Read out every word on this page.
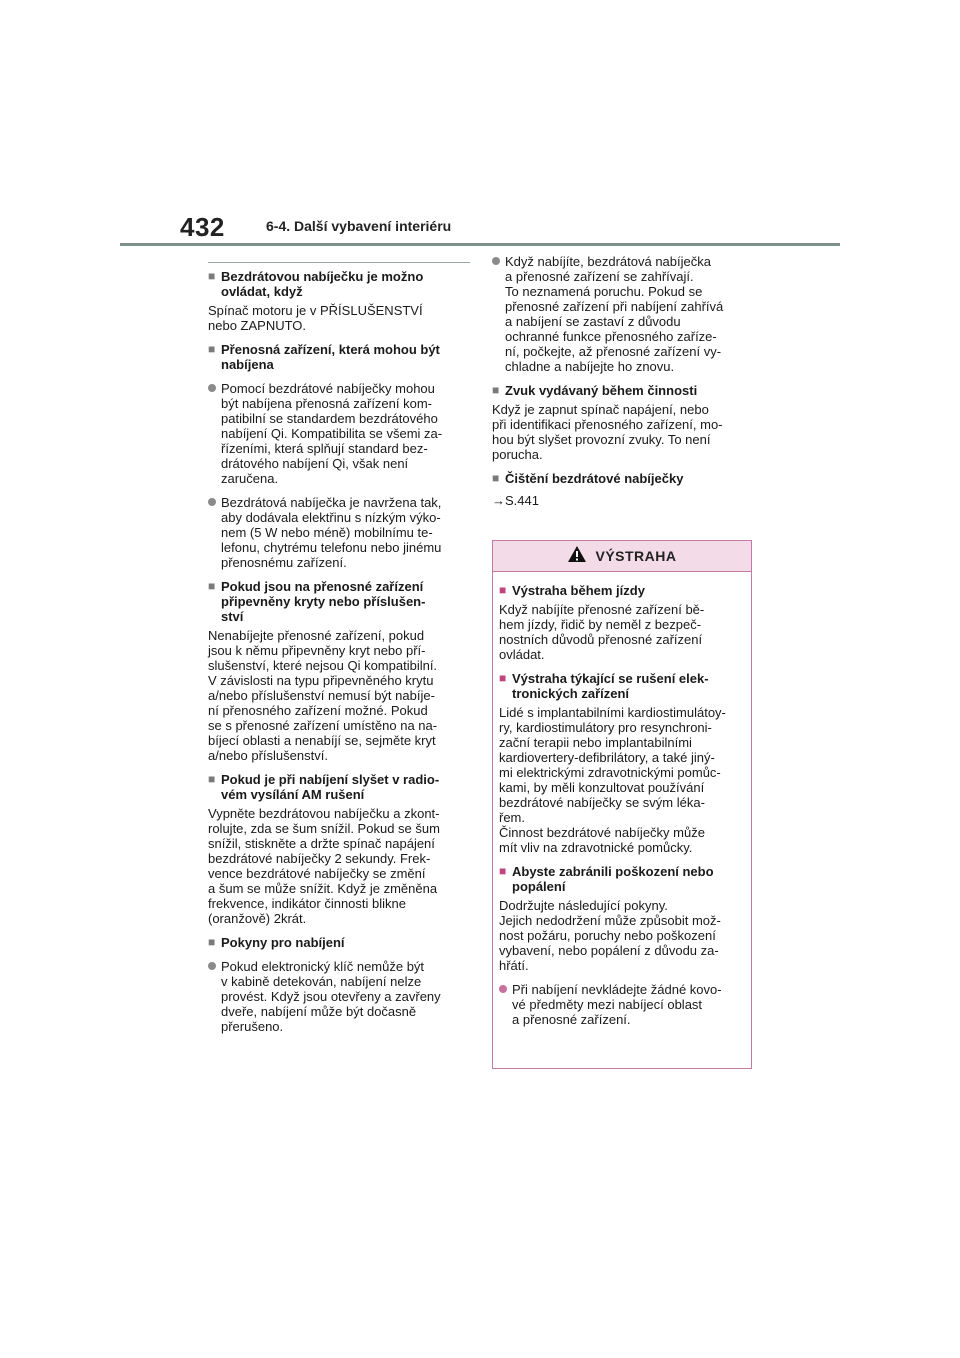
432	6-4. Další vybavení interiéru
■ Bezdrátovou nabíječku je možno
ovládat, když
Spínač motoru je v PŘÍSLUŠENSTVÍ
nebo ZAPNUTO.
■ Přenosná zařízení, která mohou být
nabíjena
Pomocí bezdrátové nabíječky mohou
být nabíjena přenosná zařízení kom-
patibilní se standardem bezdrátového
nabíjení Qi. Kompatibilita se všemi za-
řízeními, která splňují standard bez-
drátového nabíjení Qi, však není
zaručena.
Bezdrátová nabíječka je navržena tak,
aby dodávala elektřinu s nízkým výko-
nem (5 W nebo méně) mobilnímu te-
lefonu, chytrému telefonu nebo jinému
přenosnému zařízení.
■ Pokud jsou na přenosné zařízení
připevněny kryty nebo příslušen-
ství
Nenabíjejte přenosné zařízení, pokud
jsou k němu připevněny kryt nebo pří-
slušenství, které nejsou Qi kompatibilní.
V závislosti na typu připevněného krytu
a/nebo příslušenství nemusí být nabíje-
ní přenosného zařízení možné. Pokud
se s přenosné zařízení umístěno na na-
bíjecí oblasti a nenabíjí se, sejměte kryt
a/nebo příslušenství.
■ Pokud je při nabíjení slyšet v radio-
vém vysílání AM rušení
Vypněte bezdrátovou nabíječku a zkont-
rolujte, zda se šum snížil. Pokud se šum
snížil, stiskněte a držte spínač napájení
bezdrátové nabíječky 2 sekundy. Frek-
vence bezdrátové nabíječky se změní
a šum se může snížit. Když je změněna
frekvence, indikátor činnosti blikne
(oranžově) 2krát.
■ Pokyny pro nabíjení
Pokud elektronický klíč nemůže být
v kabině detekován, nabíjení nelze
provést. Když jsou otevřeny a zavřeny
dveře, nabíjení může být dočasně
přerušeno.
Když nabíjíte, bezdrátová nabíječka
a přenosné zařízení se zahřívají.
To neznamená poruchu. Pokud se
přenosné zařízení při nabíjení zahřívá
a nabíjení se zastaví z důvodu
ochranné funkce přenosného zaříze-
ní, počkejte, až přenosné zařízení vy-
chladne a nabíjejte ho znovu.
■ Zvuk vydávaný během činnosti
Když je zapnut spínač napájení, nebo
při identifikaci přenosného zařízení, mo-
hou být slyšet provozní zvuky. To není
porucha.
■ Čištění bezdrátové nabíječky
→S.441
VÝSTRAHA
■ Výstraha během jízdy
Když nabíjíte přenosné zařízení bě-
hem jízdy, řidič by neměl z bezpeč-
nostních důvodů přenosné zařízení
ovládat.
■ Výstraha týkající se rušení elek-
tronických zařízení
Lidé s implantabilními kardiostimulátoy-
ry, kardiostimulátory pro resynchroni-
zační terapii nebo implantabilními
kardiovertery-defibrilátory, a také jiný-
mi elektrickými zdravotnickými pomůc-
kami, by měli konzultovat používání
bezdrátové nabíječky se svým léka-
řem.
Činnost bezdrátové nabíječky může
mít vliv na zdravotnické pomůcky.
■ Abyste zabránili poškození nebo
popálení
Dodržujte následující pokyny.
Jejich nedodržení může způsobit mož-
nost požáru, poruchy nebo poškození
vybavení, nebo popálení z důvodu za-
hřátí.
Při nabíjení nevkládejte žádné kovo-
vé předměty mezi nabíjecí oblast
a přenosné zařízení.
